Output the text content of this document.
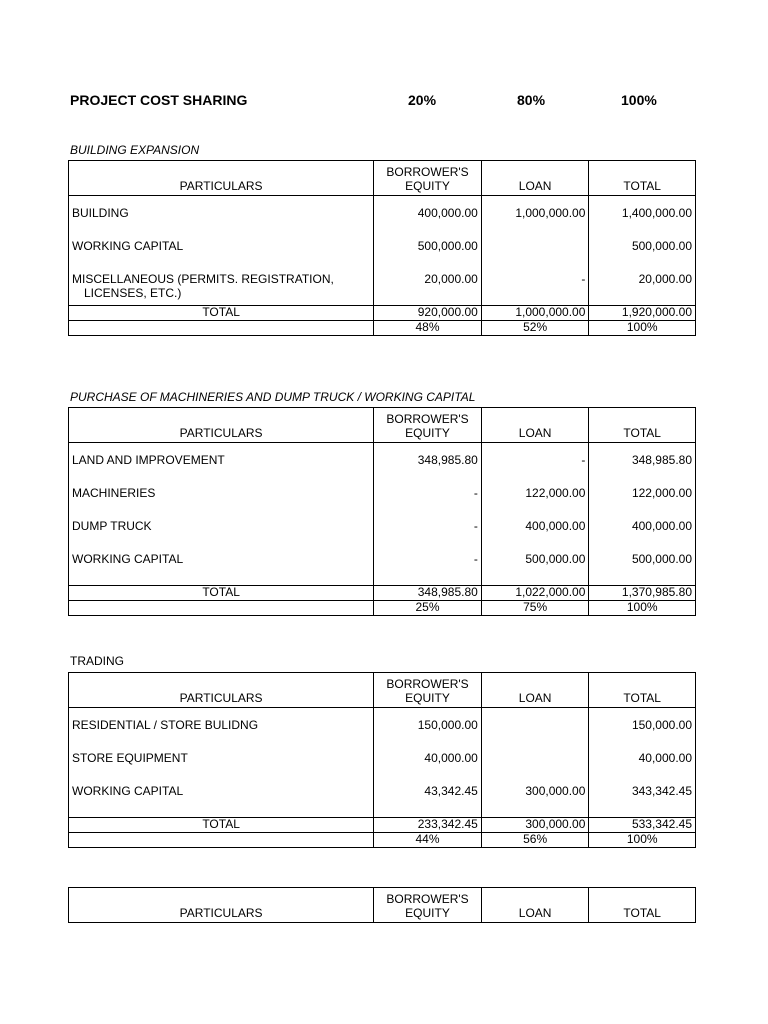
PROJECT COST SHARING	20%	80%	100%
BUILDING EXPANSION
PARTICULARS	BORROWER'S
EQUITY	LOAN	TOTAL

BUILDING	400,000.00	1,000,000.00	1,400,000.00
WORKING CAPITAL	500,000.00		500,000.00
MISCELLANEOUS (PERMITS. REGISTRATION,
LICENSES, ETC.)	20,000.00	-	20,000.00
TOTAL	920,000.00	1,000,000.00	1,920,000.00
	48%	52%	100%
PURCHASE OF MACHINERIES AND DUMP TRUCK / WORKING CAPITAL
PARTICULARS	BORROWER'S
EQUITY	LOAN	TOTAL

LAND AND IMPROVEMENT	348,985.80	-	348,985.80
MACHINERIES	-	122,000.00	122,000.00
DUMP TRUCK	-	400,000.00	400,000.00
WORKING CAPITAL	-	500,000.00	500,000.00
TOTAL	348,985.80	1,022,000.00	1,370,985.80
	25%	75%	100%
TRADING
PARTICULARS	BORROWER'S
EQUITY	LOAN	TOTAL

RESIDENTIAL / STORE BULIDNG	150,000.00		150,000.00
STORE EQUIPMENT	40,000.00		40,000.00
WORKING CAPITAL	43,342.45	300,000.00	343,342.45
TOTAL	233,342.45	300,000.00	533,342.45
	44%	56%	100%
PARTICULARS	BORROWER'S
EQUITY	LOAN	TOTAL
